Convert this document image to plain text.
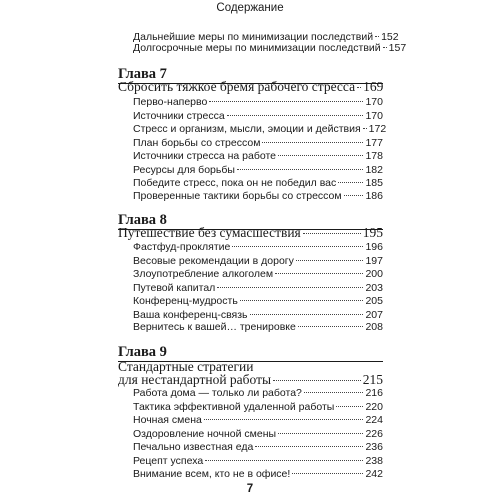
Содержание
Дальнейшие меры по минимизации последствий 152
Долгосрочные меры по минимизации последствий 157
Глава 7
Сбросить тяжкое бремя рабочего стресса 169
Перво-наперво	170
Источники стресса	170
Стресс и организм, мысли, эмоции и действия 172
План борьбы со стрессом	177
Источники стресса на работе	178
Ресурсы для борьбы	182
Победите стресс, пока он не победил вас	185
Проверенные тактики борьбы со стрессом 186
Глава 8
Путешествие без сумасшествия	195
Фастфуд-проклятие	196
Весовые рекомендации в дорогу	197
Злоупотребление алкоголем	200
Путевой капитал	203
Конференц-мудрость	205
Ваша конференц-связь	207
Вернитесь к вашей… тренировке	208
Глава 9
Стандартные стратегии
для нестандартной работы	215
Работа дома — только ли работа?	216
Тактика эффективной удаленной работы	220
Ночная смена	224
Оздоровление ночной смены	226
Печально известная еда	236
Рецепт успеха	238
Внимание всем, кто не в офисе!	242
7
